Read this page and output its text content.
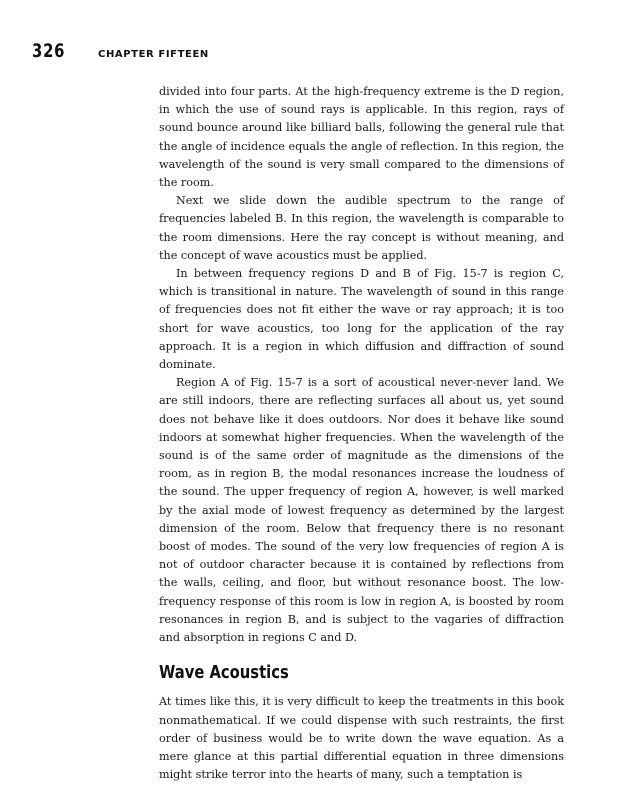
326	CHAPTER FIFTEEN

divided into four parts. At the high-frequency extreme is the D region, in which the use of sound rays is applicable. In this region, rays of sound bounce around like billiard balls, following the general rule that the angle of incidence equals the angle of reflection. In this region, the wavelength of the sound is very small compared to the dimensions of the room.

Next we slide down the audible spectrum to the range of frequencies labeled B. In this region, the wavelength is comparable to the room dimensions. Here the ray concept is without meaning, and the concept of wave acoustics must be applied.

In between frequency regions D and B of Fig. 15-7 is region C, which is transitional in nature. The wavelength of sound in this range of frequencies does not fit either the wave or ray approach; it is too short for wave acoustics, too long for the application of the ray approach. It is a region in which diffusion and diffraction of sound dominate.

Region A of Fig. 15-7 is a sort of acoustical never-never land. We are still indoors, there are reflecting surfaces all about us, yet sound does not behave like it does outdoors. Nor does it behave like sound indoors at somewhat higher frequencies. When the wavelength of the sound is of the same order of magnitude as the dimensions of the room, as in region B, the modal resonances increase the loudness of the sound. The upper frequency of region A, however, is well marked by the axial mode of lowest frequency as determined by the largest dimension of the room. Below that frequency there is no resonant boost of modes. The sound of the very low frequencies of region A is not of outdoor character because it is contained by reflections from the walls, ceiling, and floor, but without resonance boost. The low-frequency response of this room is low in region A, is boosted by room resonances in region B, and is subject to the vagaries of diffraction and absorption in regions C and D.

Wave Acoustics

At times like this, it is very difficult to keep the treatments in this book nonmathematical. If we could dispense with such restraints, the first order of business would be to write down the wave equation. As a mere glance at this partial differential equation in three dimensions might strike terror into the hearts of many, such a temptation is
